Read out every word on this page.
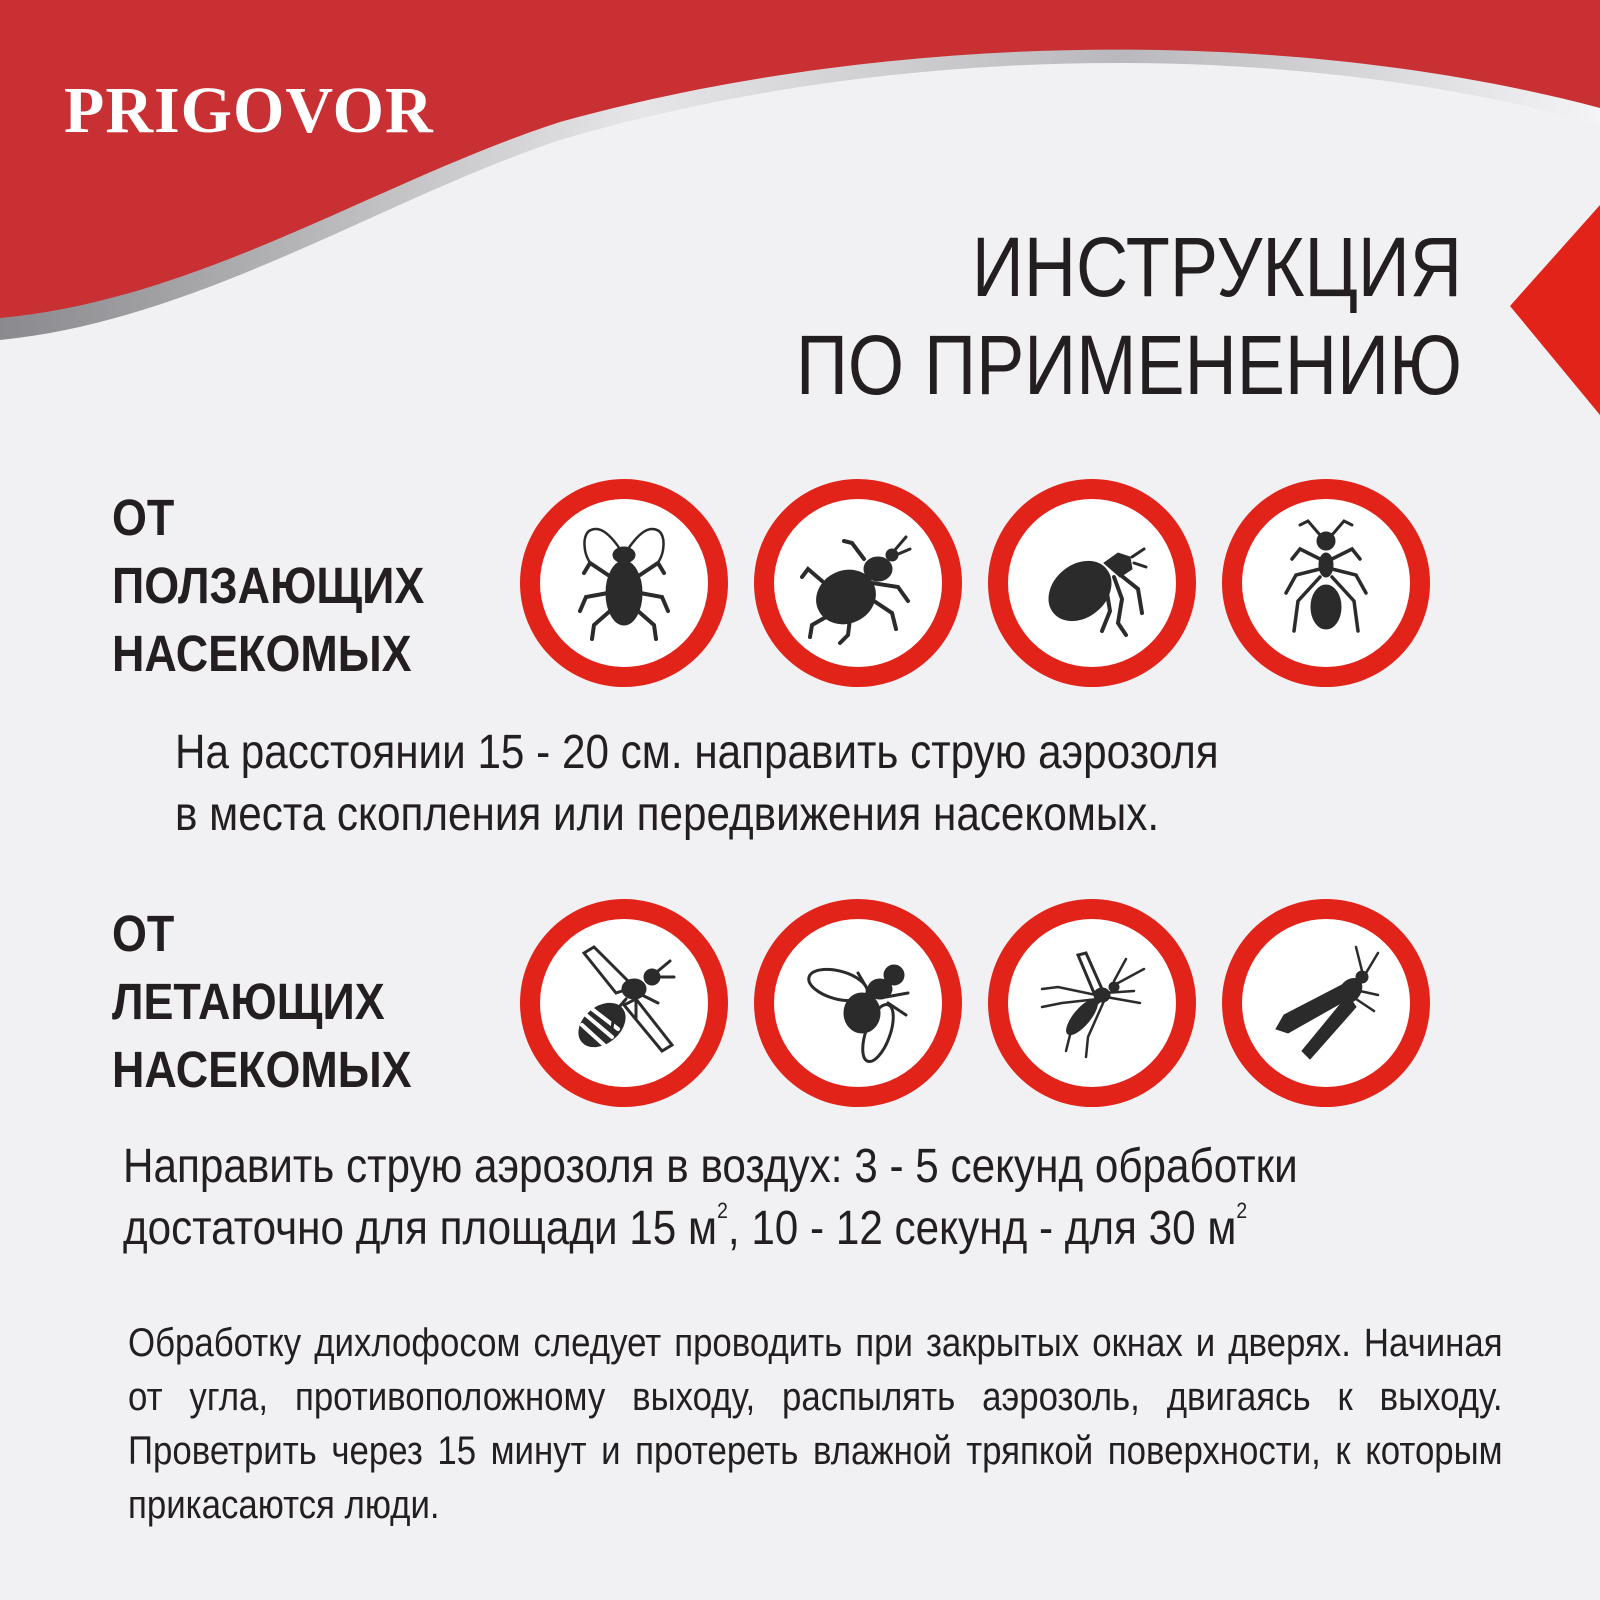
PRIGOVOR
ИНСТРУКЦИЯ
ПО ПРИМЕНЕНИЮ
ОТ
ПОЛЗАЮЩИХ
НАСЕКОМЫХ
На расстоянии 15 - 20 см. направить струю аэрозоля
в места скопления или передвижения насекомых.
ОТ
ЛЕТАЮЩИХ
НАСЕКОМЫХ
Направить струю аэрозоля в воздух: 3 - 5 секунд обработки
достаточно для площади 15 $м^2$, 10 - 12 секунд - для 30 $м^2$
Обработку дихлофосом следует проводить при закрытых окнах и дверях. Начиная от угла, противоположному выходу, распылять аэрозоль, двигаясь к выходу. Проветрить через 15 минут и протереть влажной тряпкой поверхности, к которым прикасаются люди.
